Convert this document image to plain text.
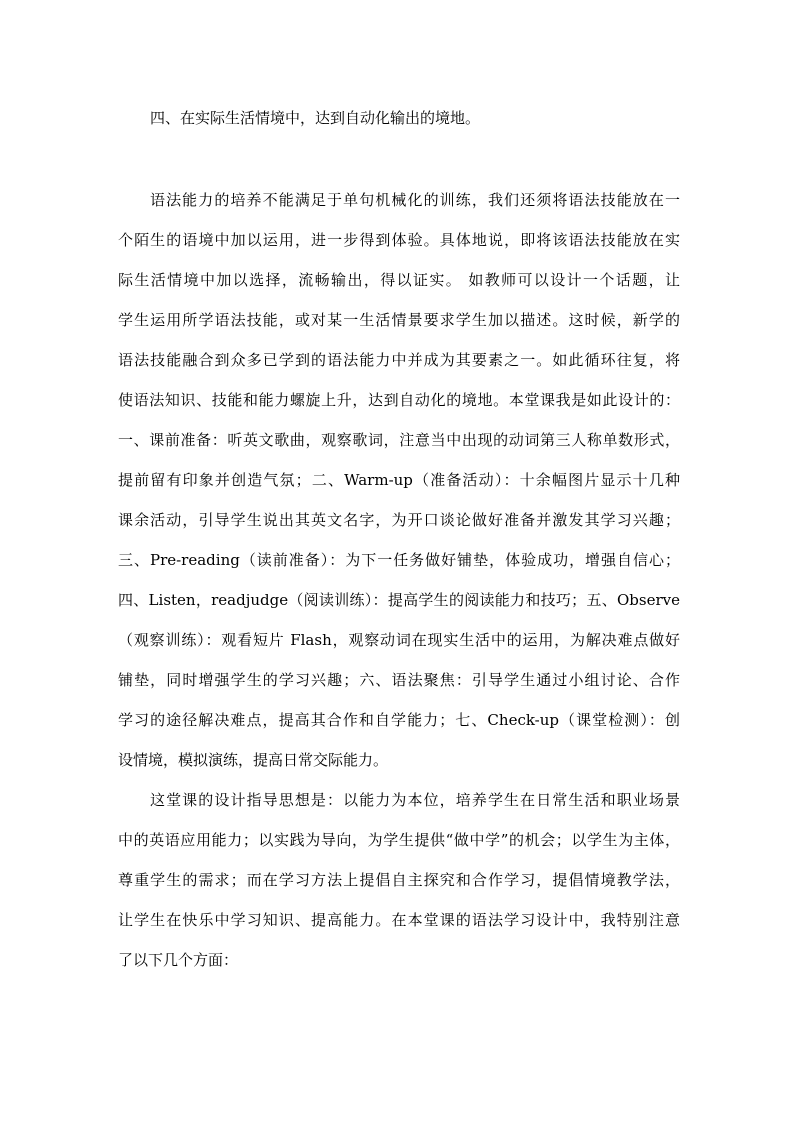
四、在实际生活情境中，达到自动化输出的境地。
语法能力的培养不能满足于单句机械化的训练，我们还须将语法技能放在一
个陌生的语境中加以运用，进一步得到体验。具体地说，即将该语法技能放在实
际生活情境中加以选择，流畅输出，得以证实。 如教师可以设计一个话题，让
学生运用所学语法技能，或对某一生活情景要求学生加以描述。这时候，新学的
语法技能融合到众多已学到的语法能力中并成为其要素之一。如此循环往复，将
使语法知识、技能和能力螺旋上升，达到自动化的境地。本堂课我是如此设计的：
一、课前准备：听英文歌曲，观察歌词，注意当中出现的动词第三人称单数形式，
提前留有印象并创造气氛；二、Warm-up（准备活动）：十余幅图片显示十几种
课余活动，引导学生说出其英文名字，为开口谈论做好准备并激发其学习兴趣；
三、Pre-reading（读前准备）：为下一任务做好铺垫，体验成功，增强自信心；
四、Listen，readjudge（阅读训练）：提高学生的阅读能力和技巧；五、Observe
（观察训练）：观看短片 Flash，观察动词在现实生活中的运用，为解决难点做好
铺垫，同时增强学生的学习兴趣；六、语法聚焦：引导学生通过小组讨论、合作
学习的途径解决难点，提高其合作和自学能力；七、Check-up（课堂检测）：创
设情境，模拟演练，提高日常交际能力。
这堂课的设计指导思想是：以能力为本位，培养学生在日常生活和职业场景
中的英语应用能力；以实践为导向，为学生提供“做中学”的机会；以学生为主体，
尊重学生的需求；而在学习方法上提倡自主探究和合作学习，提倡情境教学法，
让学生在快乐中学习知识、提高能力。在本堂课的语法学习设计中，我特别注意
了以下几个方面：
